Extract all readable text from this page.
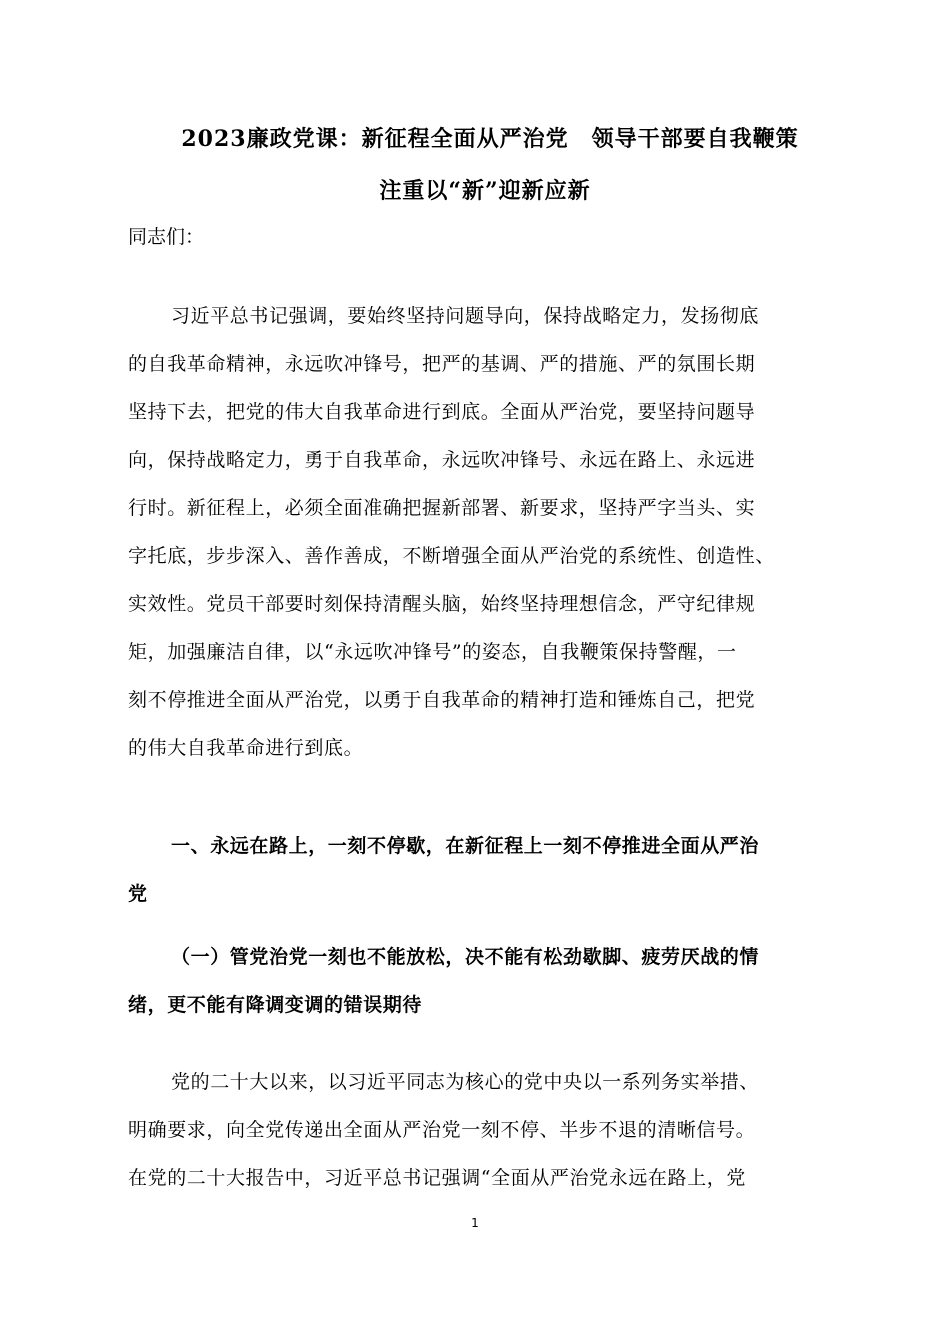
2023廉政党课：新征程全面从严治党　领导干部要自我鞭策
注重以“新”迎新应新
同志们：
习近平总书记强调，要始终坚持问题导向，保持战略定力，发扬彻底
的自我革命精神，永远吹冲锋号，把严的基调、严的措施、严的氛围长期
坚持下去，把党的伟大自我革命进行到底。全面从严治党，要坚持问题导
向，保持战略定力，勇于自我革命，永远吹冲锋号、永远在路上、永远进
行时。新征程上，必须全面准确把握新部署、新要求，坚持严字当头、实
字托底，步步深入、善作善成，不断增强全面从严治党的系统性、创造性、
实效性。党员干部要时刻保持清醒头脑，始终坚持理想信念，严守纪律规
矩，加强廉洁自律，以“永远吹冲锋号”的姿态，自我鞭策保持警醒，一
刻不停推进全面从严治党，以勇于自我革命的精神打造和锤炼自己，把党
的伟大自我革命进行到底。
一、永远在路上，一刻不停歇，在新征程上一刻不停推进全面从严治
党
（一）管党治党一刻也不能放松，决不能有松劲歇脚、疲劳厌战的情
绪，更不能有降调变调的错误期待
党的二十大以来，以习近平同志为核心的党中央以一系列务实举措、
明确要求，向全党传递出全面从严治党一刻不停、半步不退的清晰信号。
在党的二十大报告中，习近平总书记强调“全面从严治党永远在路上，党
1
